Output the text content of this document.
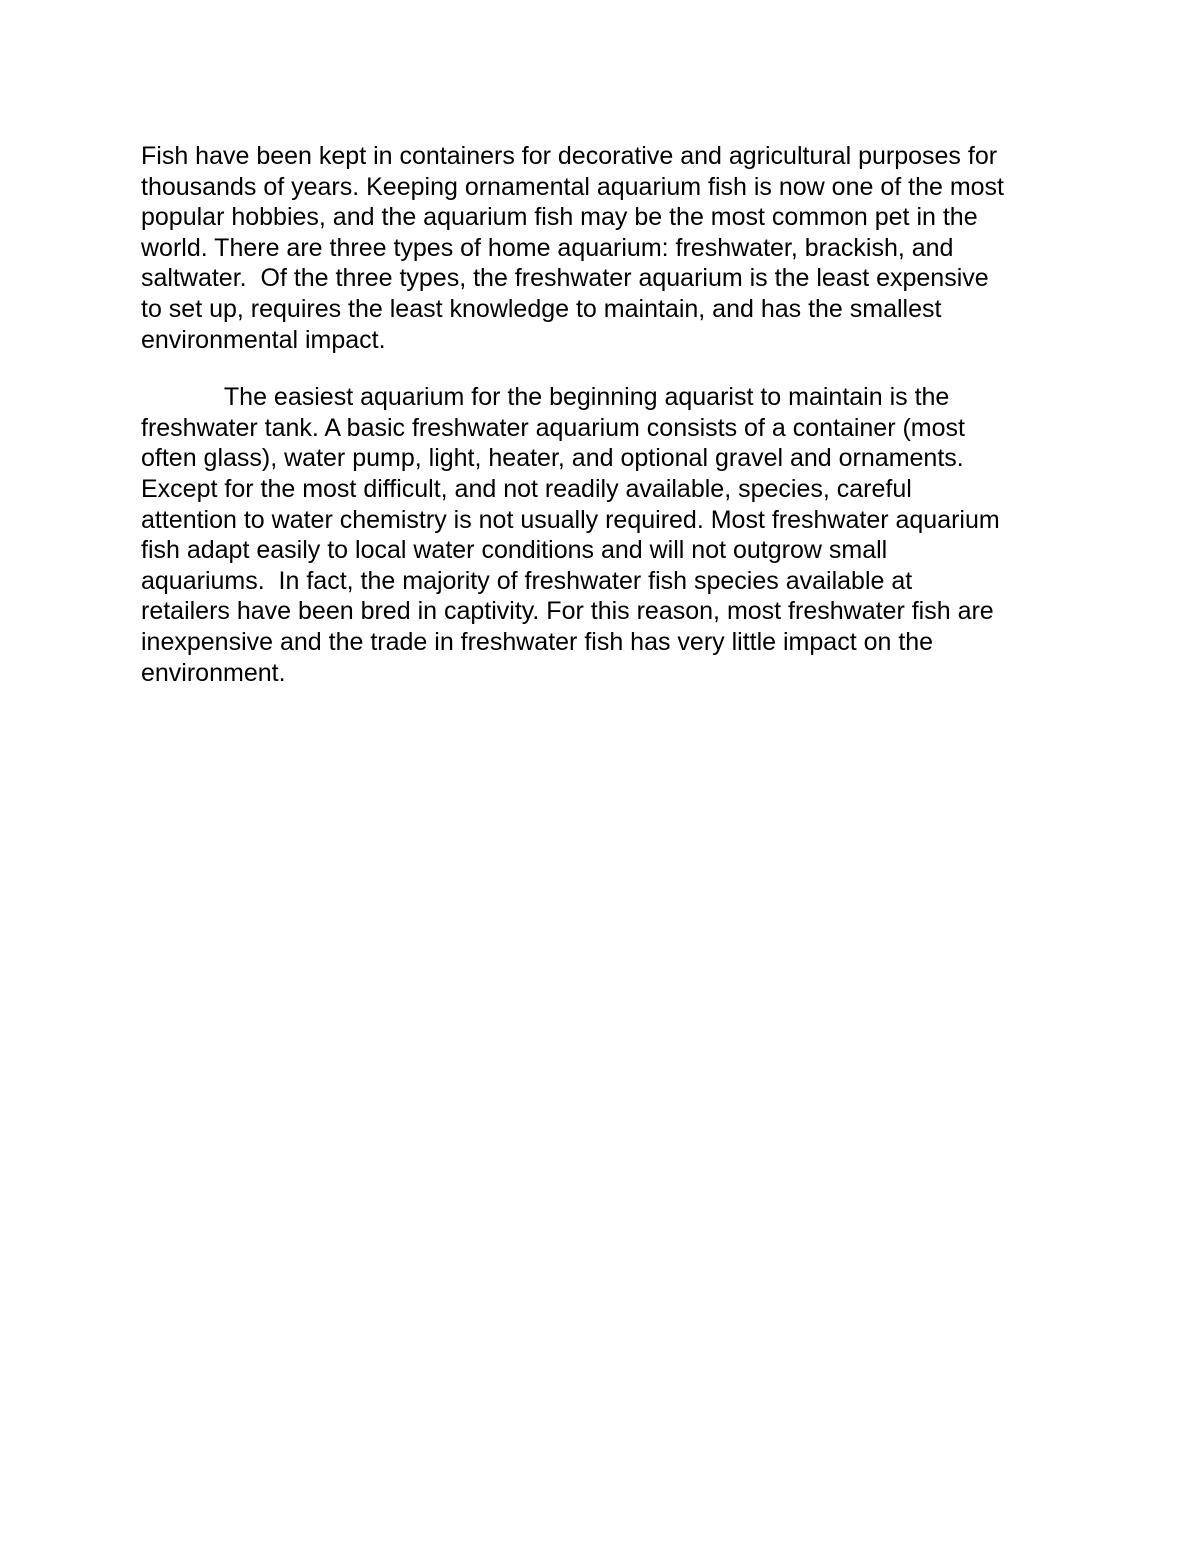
Fish have been kept in containers for decorative and agricultural purposes for
thousands of years. Keeping ornamental aquarium fish is now one of the most
popular hobbies, and the aquarium fish may be the most common pet in the
world. There are three types of home aquarium: freshwater, brackish, and
saltwater.  Of the three types, the freshwater aquarium is the least expensive
to set up, requires the least knowledge to maintain, and has the smallest
environmental impact.
The easiest aquarium for the beginning aquarist to maintain is the
freshwater tank. A basic freshwater aquarium consists of a container (most
often glass), water pump, light, heater, and optional gravel and ornaments.
Except for the most difficult, and not readily available, species, careful
attention to water chemistry is not usually required. Most freshwater aquarium
fish adapt easily to local water conditions and will not outgrow small
aquariums.  In fact, the majority of freshwater fish species available at
retailers have been bred in captivity. For this reason, most freshwater fish are
inexpensive and the trade in freshwater fish has very little impact on the
environment.
